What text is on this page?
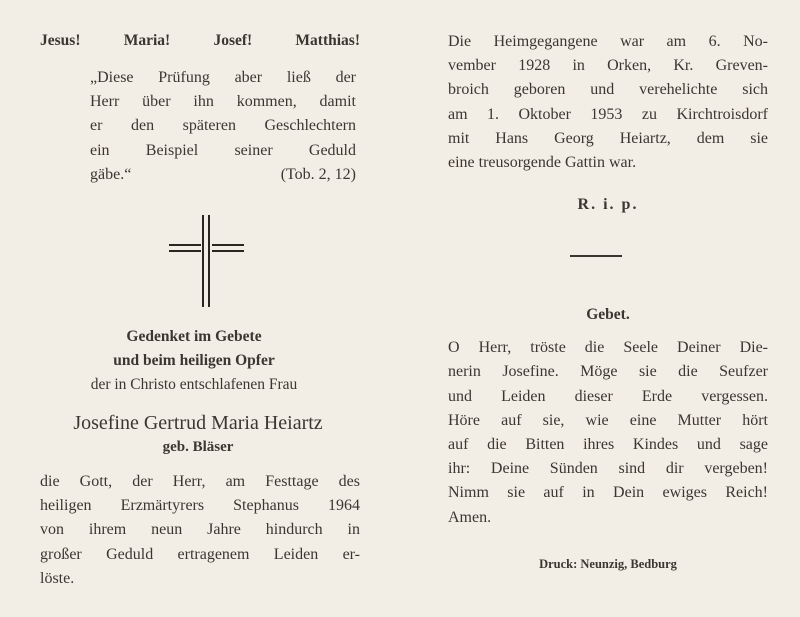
Jesus!	Maria!	Josef!	Matthias!
„Diese Prüfung aber ließ der
Herr über ihn kommen, damit
er den späteren Geschlechtern
ein Beispiel seiner Geduld
gäbe.“	(Tob. 2, 12)
Gedenket im Gebete
und beim heiligen Opfer
der in Christo entschlafenen Frau
Josefine Gertrud Maria Heiartz
geb. Bläser
die Gott, der Herr, am Festtage des
heiligen Erzmärtyrers Stephanus 1964
von ihrem neun Jahre hindurch in
großer Geduld ertragenem Leiden er-
löste.
Die Heimgegangene war am 6. No-
vember 1928 in Orken, Kr. Greven-
broich geboren und verehelichte sich
am 1. Oktober 1953 zu Kirchtroisdorf
mit Hans Georg Heiartz, dem sie
eine treusorgende Gattin war.
R. i. p.
Gebet.
O Herr, tröste die Seele Deiner Die-
nerin Josefine. Möge sie die Seufzer
und Leiden dieser Erde vergessen.
Höre auf sie, wie eine Mutter hört
auf die Bitten ihres Kindes und sage
ihr: Deine Sünden sind dir vergeben!
Nimm sie auf in Dein ewiges Reich!
Amen.
Druck: Neunzig, Bedburg
